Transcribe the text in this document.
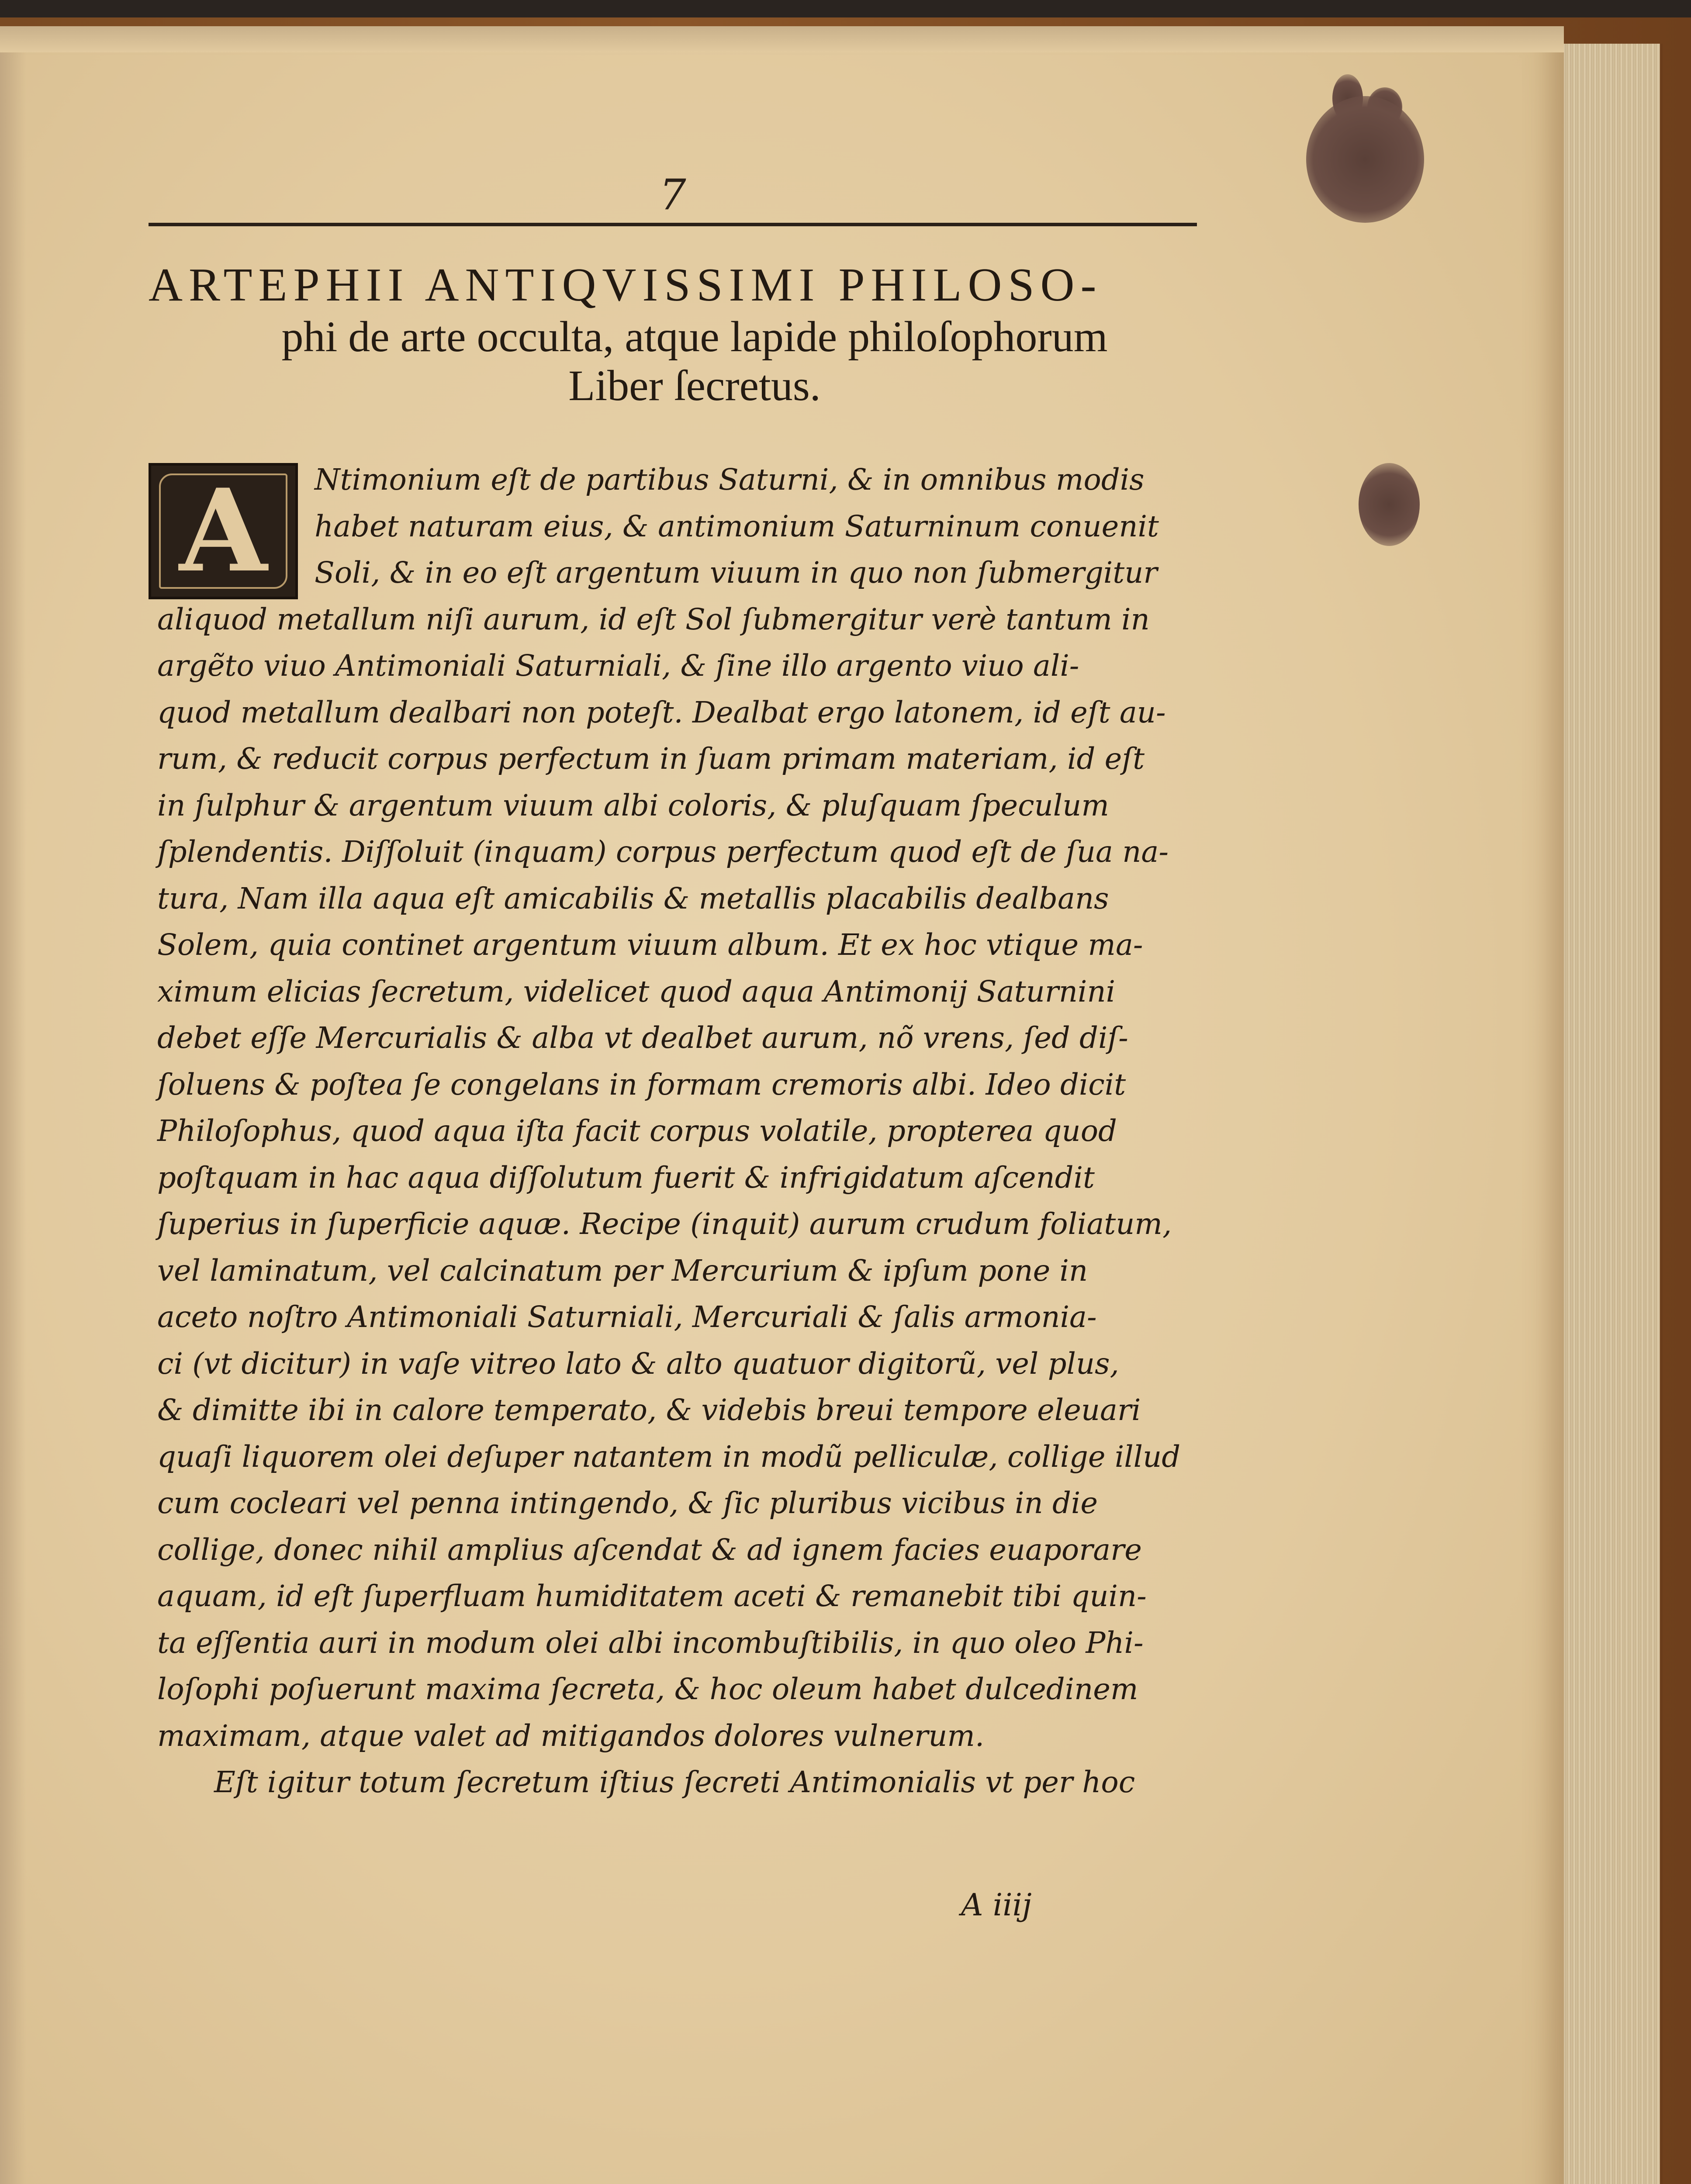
7
ARTEPHII ANTIQVISSIMI PHILOSO-
phi de arte occulta, atque lapide philoſophorum
Liber ſecretus.
A	Ntimonium eſt de partibus Saturni, & in omnibus modis
habet naturam eius, & antimonium Saturninum conuenit
Soli, & in eo eſt argentum viuum in quo non ſubmergitur
aliquod metallum niſi aurum, id eſt Sol ſubmergitur verè tantum in
argẽto viuo Antimoniali Saturniali, & ſine illo argento viuo ali-
quod metallum dealbari non poteſt. Dealbat ergo latonem, id eſt au-
rum, & reducit corpus perfectum in ſuam primam materiam, id eſt
in ſulphur & argentum viuum albi coloris, & pluſquam ſpeculum
ſplendentis. Diſſoluit (inquam) corpus perfectum quod eſt de ſua na-
tura, Nam illa aqua eſt amicabilis & metallis placabilis dealbans
Solem, quia continet argentum viuum album. Et ex hoc vtique ma-
ximum elicias ſecretum, videlicet quod aqua Antimonij Saturnini
debet eſſe Mercurialis & alba vt dealbet aurum, nõ vrens, ſed diſ-
ſoluens & poſtea ſe congelans in formam cremoris albi. Ideo dicit
Philoſophus, quod aqua iſta facit corpus volatile, propterea quod
poſtquam in hac aqua diſſolutum fuerit & infrigidatum aſcendit
ſuperius in ſuperficie aquæ. Recipe (inquit) aurum crudum foliatum,
vel laminatum, vel calcinatum per Mercurium & ipſum pone in
aceto noſtro Antimoniali Saturniali, Mercuriali & ſalis armonia-
ci (vt dicitur) in vaſe vitreo lato & alto quatuor digitorũ, vel plus,
& dimitte ibi in calore temperato, & videbis breui tempore eleuari
quaſi liquorem olei deſuper natantem in modũ pelliculæ, collige illud
cum cocleari vel penna intingendo, & ſic pluribus vicibus in die
collige, donec nihil amplius aſcendat & ad ignem facies euaporare
aquam, id eſt ſuperfluam humiditatem aceti & remanebit tibi quin-
ta eſſentia auri in modum olei albi incombuſtibilis, in quo oleo Phi-
loſophi poſuerunt maxima ſecreta, & hoc oleum habet dulcedinem
maximam, atque valet ad mitigandos dolores vulnerum.
Eſt igitur totum ſecretum iſtius ſecreti Antimonialis vt per hoc
A iiij
